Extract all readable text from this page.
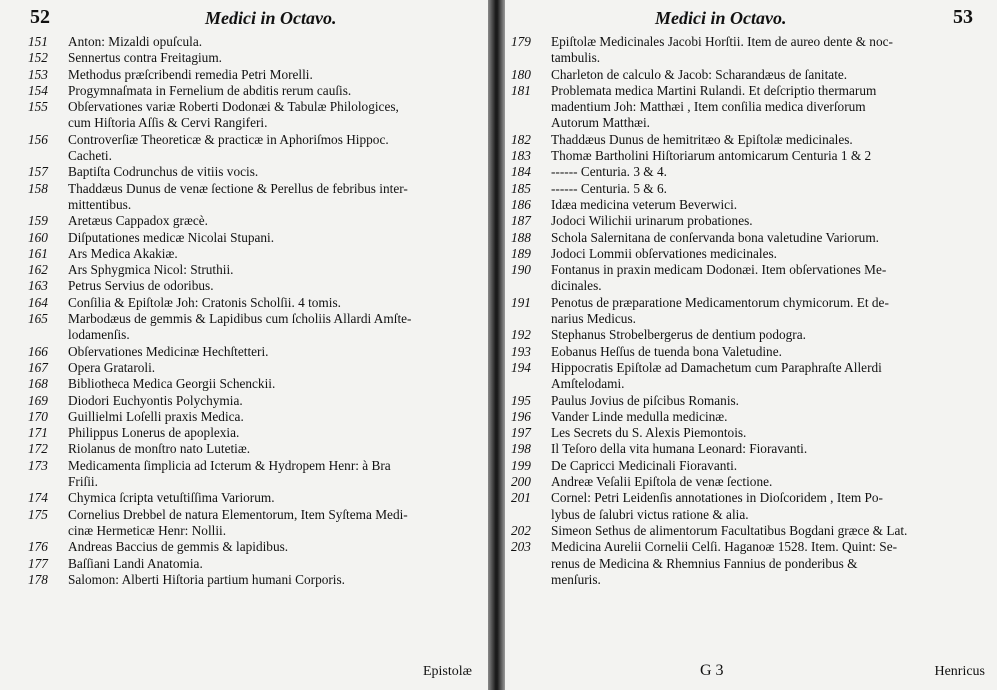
52	Medici in Octavo.
151	Anton: Mizaldi opuſcula.
152	Sennertus contra Freitagium.
153	Methodus præſcribendi remedia Petri Morelli.
154	Progymnaſmata in Fernelium de abditis rerum cauſis.
155	Obſervationes variæ Roberti Dodonæi & Tabulæ Philologices,
cum Hiſtoria Aſſis & Cervi Rangiferi.
156	Controverſiæ Theoreticæ & practicæ in Aphoriſmos Hippoc.
Cacheti.
157	Baptiſta Codrunchus de vitiis vocis.
158	Thaddæus Dunus de venæ ſectione & Perellus de febribus inter-
mittentibus.
159	Aretæus Cappadox græcè.
160	Diſputationes medicæ Nicolai Stupani.
161	Ars Medica Akakiæ.
162	Ars Sphygmica Nicol: Struthii.
163	Petrus Servius de odoribus.
164	Conſilia & Epiſtolæ Joh: Cratonis Scholſii. 4 tomis.
165	Marbodæus de gemmis & Lapidibus cum ſcholiis Allardi Amſte-
lodamenſis.
166	Obſervationes Medicinæ Hechſtetteri.
167	Opera Grataroli.
168	Bibliotheca Medica Georgii Schenckii.
169	Diodori Euchyontis Polychymia.
170	Guillielmi Loſelli praxis Medica.
171	Philippus Lonerus de apoplexia.
172	Riolanus de monſtro nato Lutetiæ.
173	Medicamenta ſimplicia ad Icterum & Hydropem Henr: à Bra
Friſii.
174	Chymica ſcripta vetuſtiſſima Variorum.
175	Cornelius Drebbel de natura Elementorum, Item Syſtema Medi-
cinæ Hermeticæ Henr: Nollii.
176	Andreas Baccius de gemmis & lapidibus.
177	Baſſiani Landi Anatomia.
178	Salomon: Alberti Hiſtoria partium humani Corporis.
Epistolæ
53
Medici in Octavo.
179	Epiſtolæ Medicinales Jacobi Horſtii. Item de aureo dente & noc-
tambulis.
180	Charleton de calculo & Jacob: Scharandæus de ſanitate.
181	Problemata medica Martini Rulandi. Et deſcriptio thermarum
madentium Joh: Matthæi , Item conſilia medica diverſorum
Autorum Matthæi.
182	Thaddæus Dunus de hemitritæo & Epiſtolæ medicinales.
183	Thomæ Bartholini Hiſtoriarum antomicarum Centuria 1 & 2
184	------ Centuria. 3 & 4.
185	------ Centuria. 5 & 6.
186	Idæa medicina veterum Beverwici.
187	Jodoci Wilichii urinarum probationes.
188	Schola Salernitana de conſervanda bona valetudine Variorum.
189	Jodoci Lommii obſervationes medicinales.
190	Fontanus in praxin medicam Dodonæi. Item obſervationes Me-
dicinales.
191	Penotus de præparatione Medicamentorum chymicorum. Et de-
narius Medicus.
192	Stephanus Strobelbergerus de dentium podogra.
193	Eobanus Heſſus de tuenda bona Valetudine.
194	Hippocratis Epiſtolæ ad Damachetum cum Paraphraſte Allerdi
Amſtelodami.
195	Paulus Jovius de piſcibus Romanis.
196	Vander Linde medulla medicinæ.
197	Les Secrets du S. Alexis Piemontois.
198	Il Teſoro della vita humana Leonard: Fioravanti.
199	De Capricci Medicinali Fioravanti.
200	Andreæ Veſalii Epiſtola de venæ ſectione.
201	Cornel: Petri Leidenſis annotationes in Dioſcoridem , Item Po-
lybus de ſalubri victus ratione & alia.
202	Simeon Sethus de alimentorum Facultatibus Bogdani græce & Lat.
203	Medicina Aurelii Cornelii Celſi. Haganoæ 1528. Item. Quint: Se-
renus de Medicina & Rhemnius Fannius de ponderibus &
menſuris.
G 3	Henricus
